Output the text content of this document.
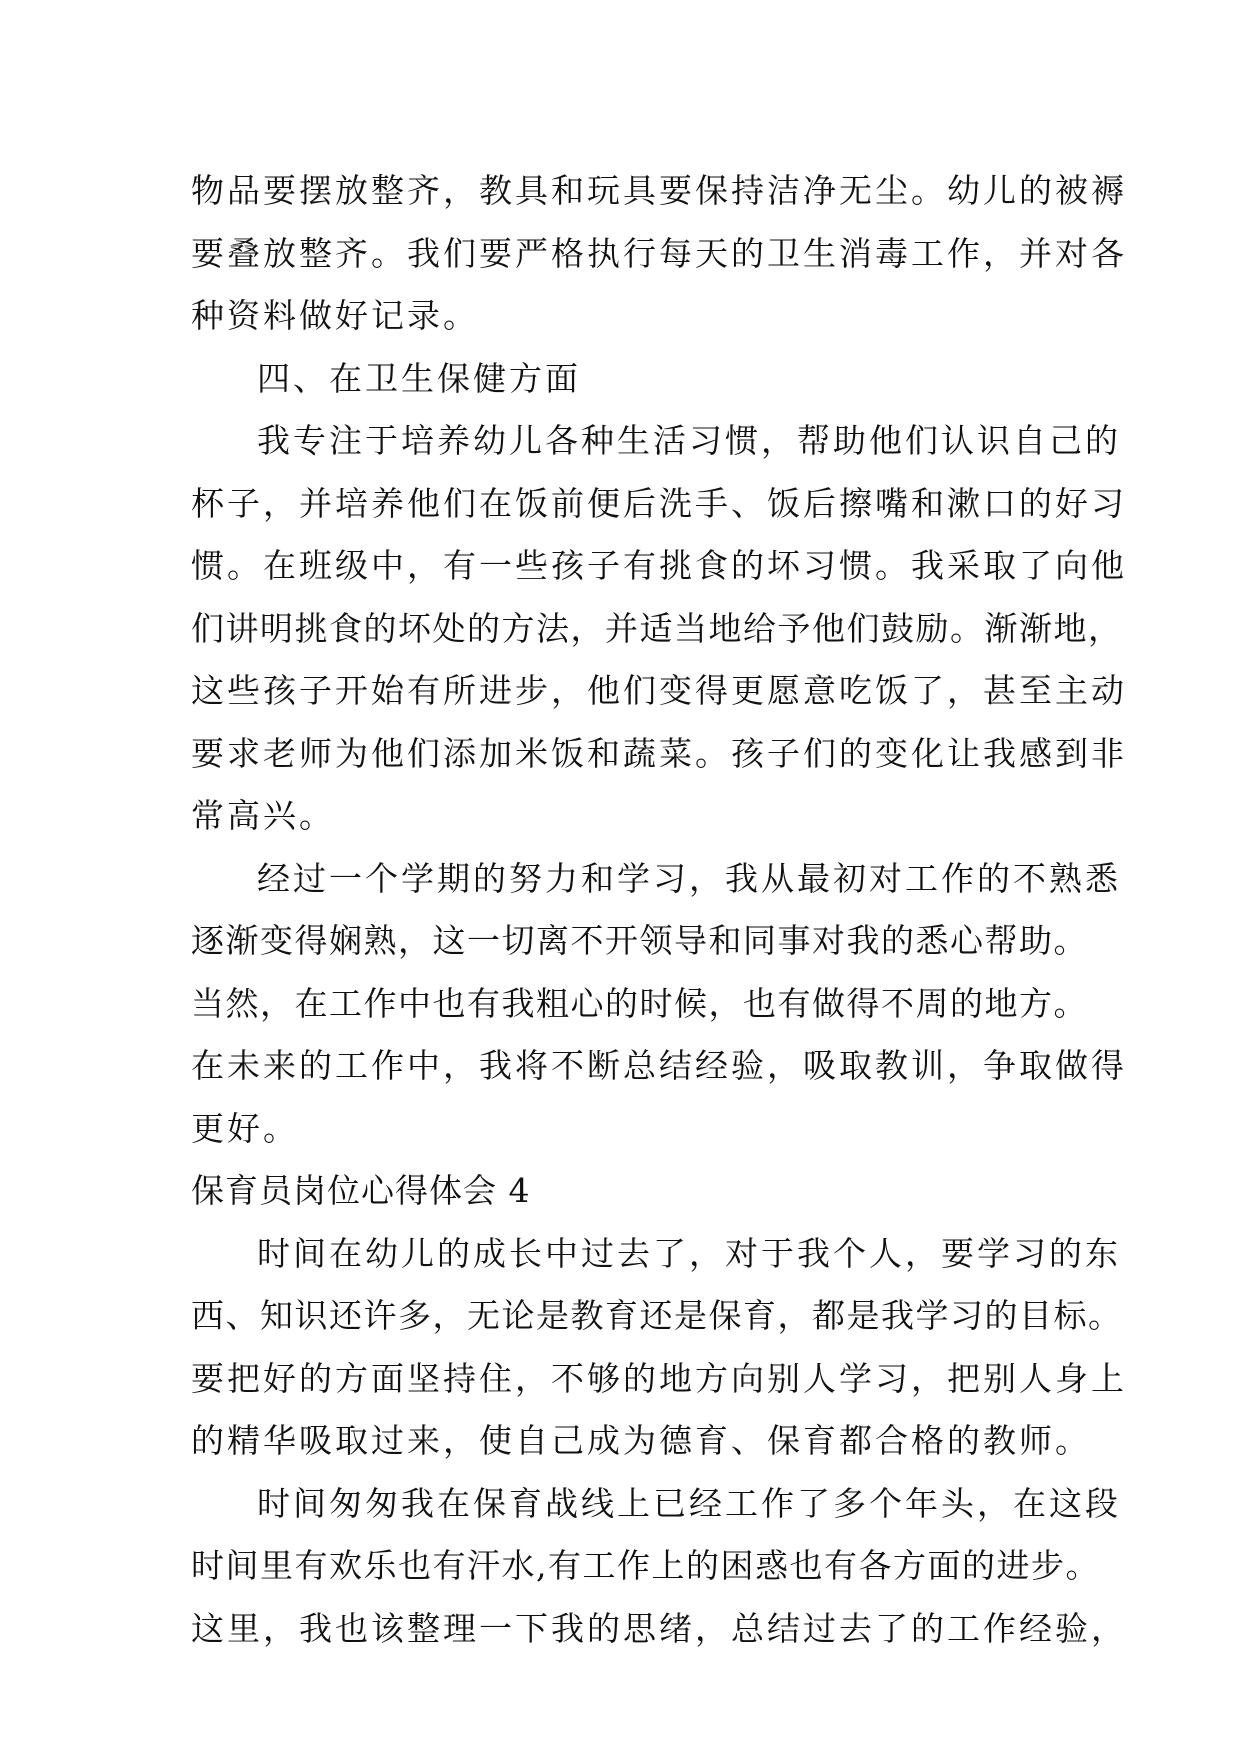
物品要摆放整齐，教具和玩具要保持洁净无尘。幼儿的被褥
要叠放整齐。我们要严格执行每天的卫生消毒工作，并对各
种资料做好记录。
四、在卫生保健方面
我专注于培养幼儿各种生活习惯，帮助他们认识自己的
杯子，并培养他们在饭前便后洗手、饭后擦嘴和漱口的好习
惯。在班级中，有一些孩子有挑食的坏习惯。我采取了向他
们讲明挑食的坏处的方法，并适当地给予他们鼓励。渐渐地，
这些孩子开始有所进步，他们变得更愿意吃饭了，甚至主动
要求老师为他们添加米饭和蔬菜。孩子们的变化让我感到非
常高兴。
经过一个学期的努力和学习，我从最初对工作的不熟悉
逐渐变得娴熟，这一切离不开领导和同事对我的悉心帮助。
当然，在工作中也有我粗心的时候，也有做得不周的地方。
在未来的工作中，我将不断总结经验，吸取教训，争取做得
更好。
保育员岗位心得体会 4
时间在幼儿的成长中过去了，对于我个人，要学习的东
西、知识还许多，无论是教育还是保育，都是我学习的目标。
要把好的方面坚持住，不够的地方向别人学习，把别人身上
的精华吸取过来，使自己成为德育、保育都合格的教师。
时间匆匆我在保育战线上已经工作了多个年头，在这段
时间里有欢乐也有汗水,有工作上的困惑也有各方面的进步。
这里，我也该整理一下我的思绪，总结过去了的工作经验，
